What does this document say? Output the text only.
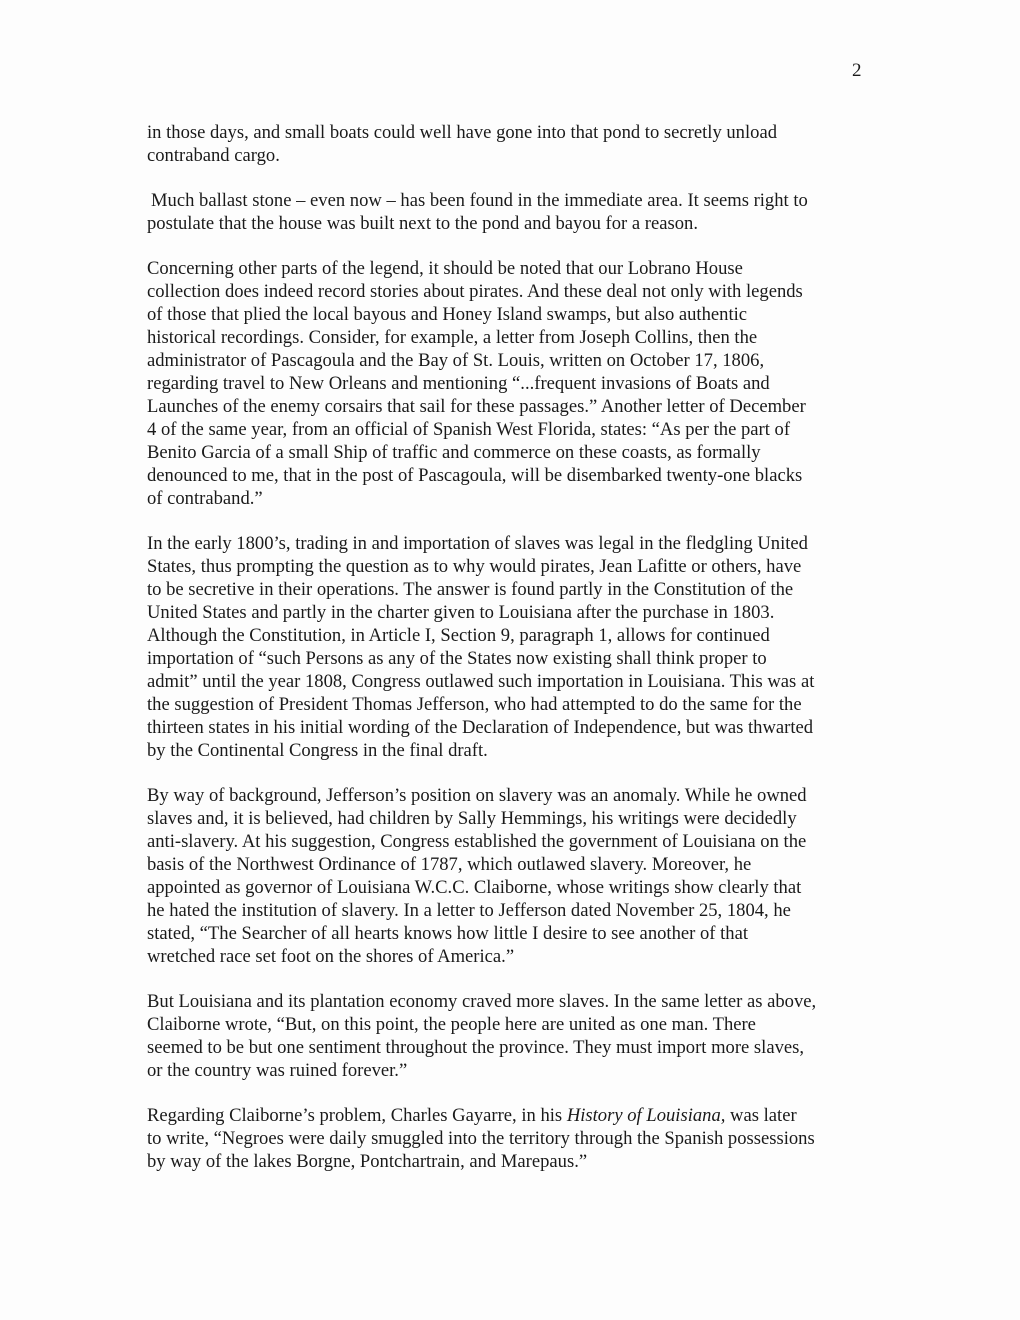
2
in those days, and small boats could well have gone into that pond to secretly unload
contraband cargo.
Much ballast stone – even now – has been found in the immediate area. It seems right to
postulate that the house was built next to the pond and bayou for a reason.
Concerning other parts of the legend, it should be noted that our Lobrano House
collection does indeed record stories about pirates. And these deal not only with legends
of those that plied the local bayous and Honey Island swamps, but also authentic
historical recordings. Consider, for example, a letter from Joseph Collins, then the
administrator of Pascagoula and the Bay of St. Louis, written on October 17, 1806,
regarding travel to New Orleans and mentioning “...frequent invasions of Boats and
Launches of the enemy corsairs that sail for these passages.” Another letter of December
4 of the same year, from an official of Spanish West Florida, states: “As per the part of
Benito Garcia of a small Ship of traffic and commerce on these coasts, as formally
denounced to me, that in the post of Pascagoula, will be disembarked twenty-one blacks
of contraband.”
In the early 1800’s, trading in and importation of slaves was legal in the fledgling United
States, thus prompting the question as to why would pirates, Jean Lafitte or others, have
to be secretive in their operations. The answer is found partly in the Constitution of the
United States and partly in the charter given to Louisiana after the purchase in 1803.
Although the Constitution, in Article I, Section 9, paragraph 1, allows for continued
importation of “such Persons as any of the States now existing shall think proper to
admit” until the year 1808, Congress outlawed such importation in Louisiana. This was at
the suggestion of President Thomas Jefferson, who had attempted to do the same for the
thirteen states in his initial wording of the Declaration of Independence, but was thwarted
by the Continental Congress in the final draft.
By way of background, Jefferson’s position on slavery was an anomaly. While he owned
slaves and, it is believed, had children by Sally Hemmings, his writings were decidedly
anti-slavery. At his suggestion, Congress established the government of Louisiana on the
basis of the Northwest Ordinance of 1787, which outlawed slavery. Moreover, he
appointed as governor of Louisiana W.C.C. Claiborne, whose writings show clearly that
he hated the institution of slavery. In a letter to Jefferson dated November 25, 1804, he
stated, “The Searcher of all hearts knows how little I desire to see another of that
wretched race set foot on the shores of America.”
But Louisiana and its plantation economy craved more slaves. In the same letter as above,
Claiborne wrote, “But, on this point, the people here are united as one man. There
seemed to be but one sentiment throughout the province. They must import more slaves,
or the country was ruined forever.”
Regarding Claiborne’s problem, Charles Gayarre, in his History of Louisiana, was later
to write, “Negroes were daily smuggled into the territory through the Spanish possessions
by way of the lakes Borgne, Pontchartrain, and Marepaus.”
